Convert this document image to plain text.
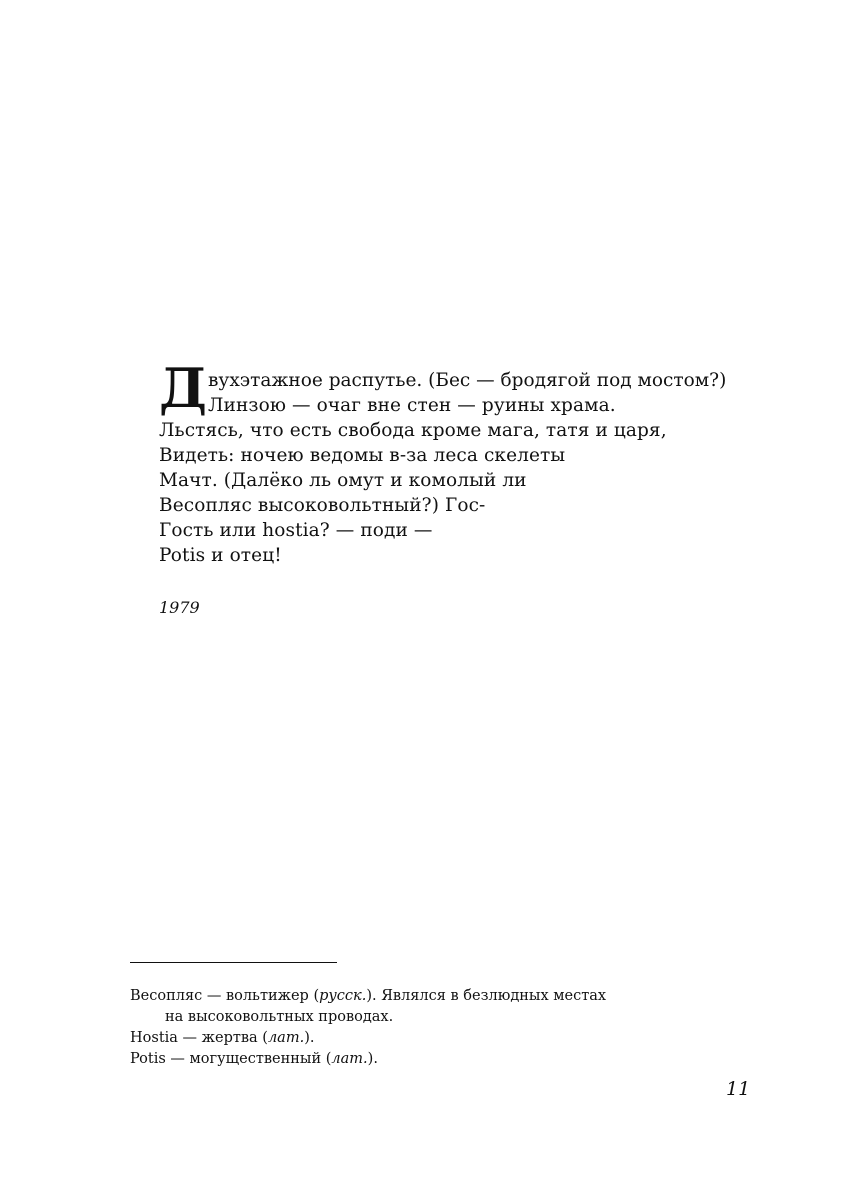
Двухэтажное распутье. (Бес — бродягой под мостом?)
Линзою — очаг вне стен — руины храма.
Льстясь, что есть свобода кроме мага, татя и царя,
Видеть: ночею ведомы в-за леса скелеты
Мачт. (Далёко ль омут и комолый ли
Весопляс высоковольтный?) Гос-
Гость или hostia? — поди —
Potis и отец!
1979
Весопляс — вольтижер (русск.). Являлся в безлюдных местах
на высоковольтных проводах.
Hostia — жертва (лат.).
Potis — могущественный (лат.).
11
